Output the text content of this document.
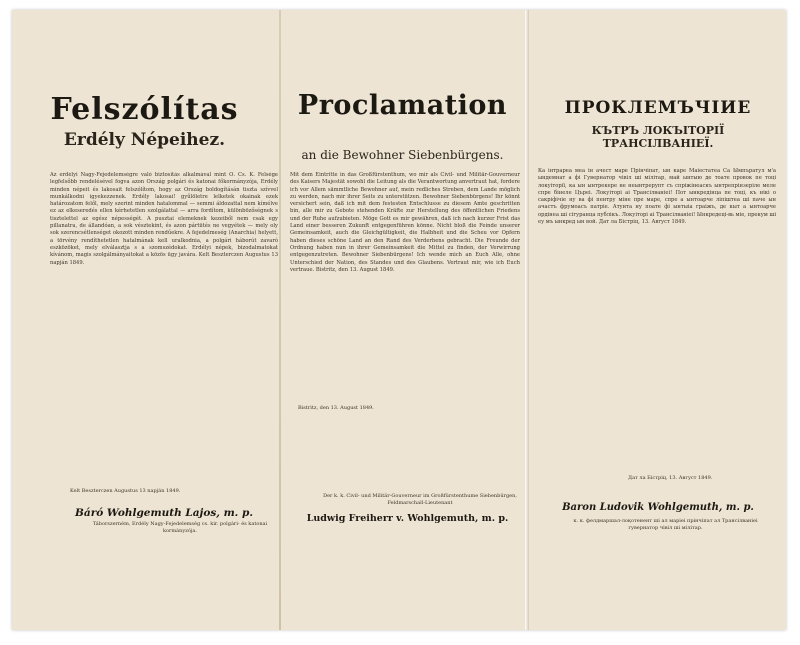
Felszólítas
Erdély Népeihez.
Az erdélyi Nagy-Fejedelemségre való biztosítás alkalmával mint Ő. Cs. K. Felsége legfelsőbb rendelésével fogva azon Ország polgári és katonai főkormányzója, Erdély minden népeit és lakosait felszólítom, hogy az Ország boldogításán tiszta szívvel munkálkodni igyekezzenek. Erdély lakosai! gyűlöletre lelketek okainak ezek határozatom felől, mely szerint minden hatalommal — semmi áldozattal nem kímélve ez az elkeseredés ellen kérhetetlen szolgálattal — arra fordítom, különbözőségnek s tisztelettel az egész népességét. A pusztai elemeknek kezeiből nem csak egy pillanatra, de állandóan, a sok vésztekint, és azon pártütés ne vegyétek — mely oly sok szerencsétlenséget okozott minden rendűekre. A fejedelmeség (Anarchia) helyett, a törvény rendíthetetlen hatalmának kell uralkodnia, a polgári háborút zavaró eszközöket, mely elválasztja s a szomszédokat. Erdélyi népek, bizodalmatokat kívánom, magis szolgálmányaitokat a közös ügy javára. Kelt Beszterczen Augustus 13 napján 1849.
Kelt Beszterczen Augustus 13 napján 1849.
Báró Wohlgemuth Lajos, m. p.
Táborszerném, Erdély Nagy-Fejedelemség cs. kir. polgári- és katonai kormányzója.
Proclamation
an die Bewohner Siebenbürgens.
Mit dem Eintritte in das Großfürstenthum, wo mir als Civil- und Militär-Gouverneur des Kaisers Majestät sowohl die Leitung als die Verantwortung anvertraut hat, fordere ich vor Allem sämmtliche Bewohner auf, mein redliches Streben, dem Lande möglich zu werden, nach mir ihrer Seits zu unterstützen. Bewohner Siebenbürgens! Ihr könnt versichert sein, daß ich mit dem festesten Entschlusse zu diesem Amte geschritten bin, alle mir zu Gebote stehenden Kräfte zur Herstellung des öffentlichen Friedens und der Ruhe aufzubieten. Möge Gott es mir gewähren, daß ich nach kurzer Frist das Land einer besseren Zukunft entgegenführen könne. Nicht bloß die Feinde unserer Gemeinsamkeit, auch die Gleichgültigkeit, die Halbheit und die Scheu vor Opfern haben dieses schöne Land an den Rand des Verderbens gebracht. Die Freunde der Ordnung haben nun in ihrer Gemeinsamkeit die Mittel zu finden, der Verwirrung entgegenzutreten. Bewohner Siebenbürgens! Ich wende mich an Euch Alle, ohne Unterschied der Nation, des Standes und des Glaubens. Vertraut mir, wie ich Euch vertraue. Bistritz, den 13. August 1849.
Bistritz, den 13. August 1849.
Der k. k. Civil- und Militär-Gouverneur im Großfürstenthume Siebenbürgen, Feldmarschall-Lieutenant
Ludwig Freiherr v. Wohlgemuth, m. p.
ПРОКЛЕМЪЧІИЕ
КЪТРЪ ЛОКЪІТОРІЇ ТРАНСІЛВАНІЕЇ.
Ка інтрареа мea ін ачест маре Прінчіпат, ын каре Маіестатеа Са Ымпъратул м'а ындемнат а фі Гувернатор чівіл ші мілітар, май ынтыю де тоате провок пе тоці локуіторії, ка ын ынтрекере не неынтрерупт съ спріжінеаскъ ынтрепрінзеріле меле спре бінеле Църеі. Локуіторі аі Трансілваніеі! Пот ынкредінца пе тоці, къ нікі о сакріфічіе ну ва фі пентру міне пре маре, спре а ынтоарче ліпіштеа ші паче ын ачастъ фрумоасъ патріе. Атуита ну поате фі ынтыіа граіжъ, де кыт а ынтоарче ордінеа ші сігуранца публікъ. Локуіторі аі Трансілваніеі! Ынкредеці-вь міе, прекум ші еу мъ ынкред ын вой. Дат ла Бістріц, 13. Август 1849.
Дат ла Бістріц, 13. Август 1849.
Baron Ludovik Wohlgemuth, m. p.
к. к. фелдмаршал-лоқотенент ші ал маріеі прінчіпат ал Трансілваніеі гувернатор чівіл ші мілітар.
